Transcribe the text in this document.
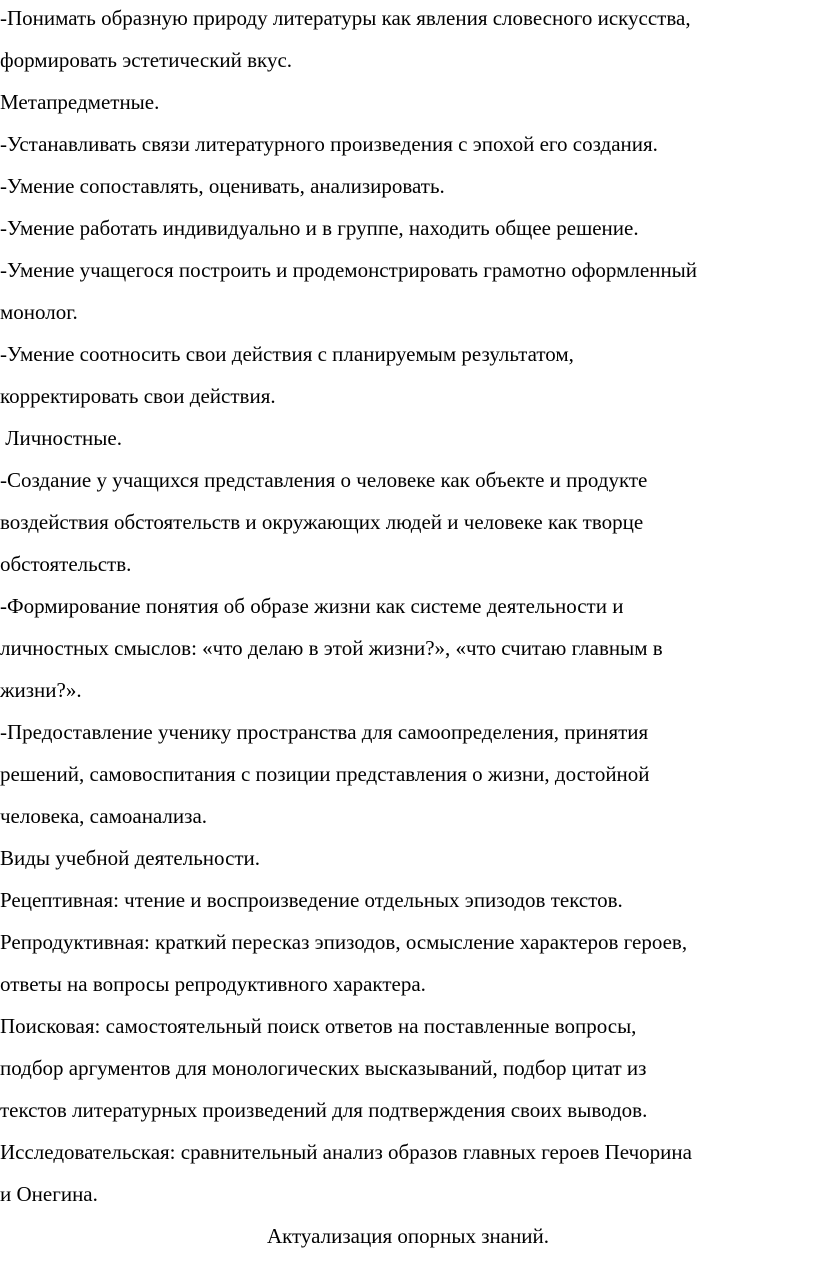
-Понимать образную природу литературы как явления словесного искусства,
формировать эстетический вкус.
Метапредметные.
-Устанавливать связи литературного произведения с эпохой его создания.
-Умение сопоставлять, оценивать, анализировать.
-Умение работать индивидуально и в группе, находить общее решение.
-Умение учащегося построить и продемонстрировать грамотно оформленный
монолог.
-Умение соотносить свои действия с планируемым результатом,
корректировать свои действия.
Личностные.
-Создание у учащихся представления о человеке как объекте и продукте
воздействия обстоятельств и окружающих людей и человеке как творце
обстоятельств.
-Формирование понятия об образе жизни как системе деятельности и
личностных смыслов: «что делаю в этой жизни?», «что считаю главным в
жизни?».
-Предоставление ученику пространства для самоопределения, принятия
решений, самовоспитания с позиции представления о жизни, достойной
человека, самоанализа.
Виды учебной деятельности.
Рецептивная: чтение и воспроизведение отдельных эпизодов текстов.
Репродуктивная: краткий пересказ эпизодов, осмысление характеров героев,
ответы на вопросы репродуктивного характера.
Поисковая: самостоятельный поиск ответов на поставленные вопросы,
подбор аргументов для монологических высказываний, подбор цитат из
текстов литературных произведений для подтверждения своих выводов.
Исследовательская: сравнительный анализ образов главных героев Печорина
и Онегина.
Актуализация опорных знаний.
